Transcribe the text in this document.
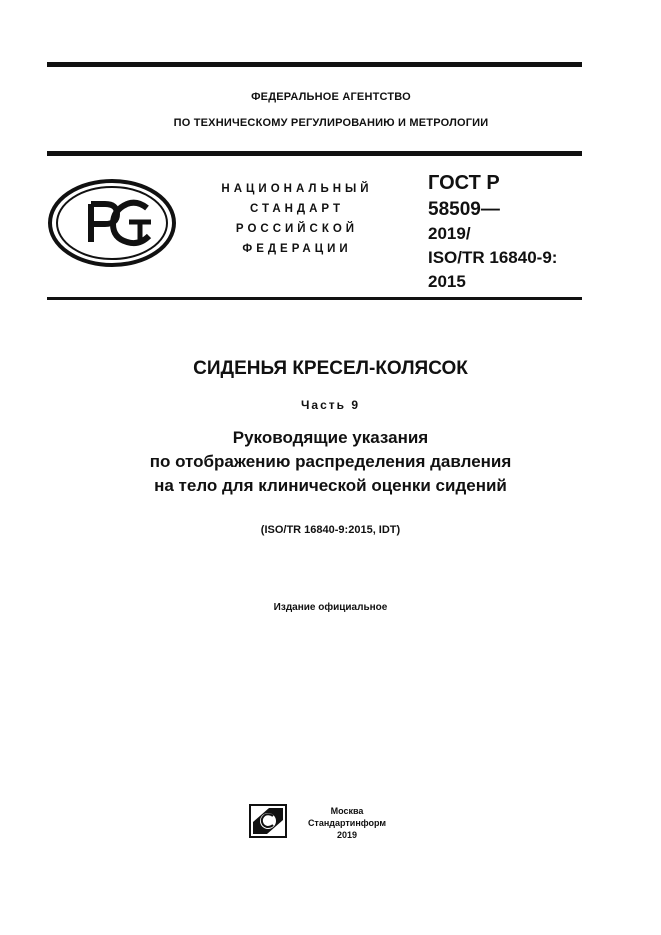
ФЕДЕРАЛЬНОЕ АГЕНТСТВО
ПО ТЕХНИЧЕСКОМУ РЕГУЛИРОВАНИЮ И МЕТРОЛОГИИ
НАЦИОНАЛЬНЫЙ
СТАНДАРТ
РОССИЙСКОЙ
ФЕДЕРАЦИИ
ГОСТ Р
58509—
2019/
ISO/TR 16840-9:
2015
СИДЕНЬЯ КРЕСЕЛ-КОЛЯСОК
Часть 9
Руководящие указания
по отображению распределения давления
на тело для клинической оценки сидений
(ISO/TR 16840-9:2015, IDT)
Издание официальное
Москва
Стандартинформ
2019
